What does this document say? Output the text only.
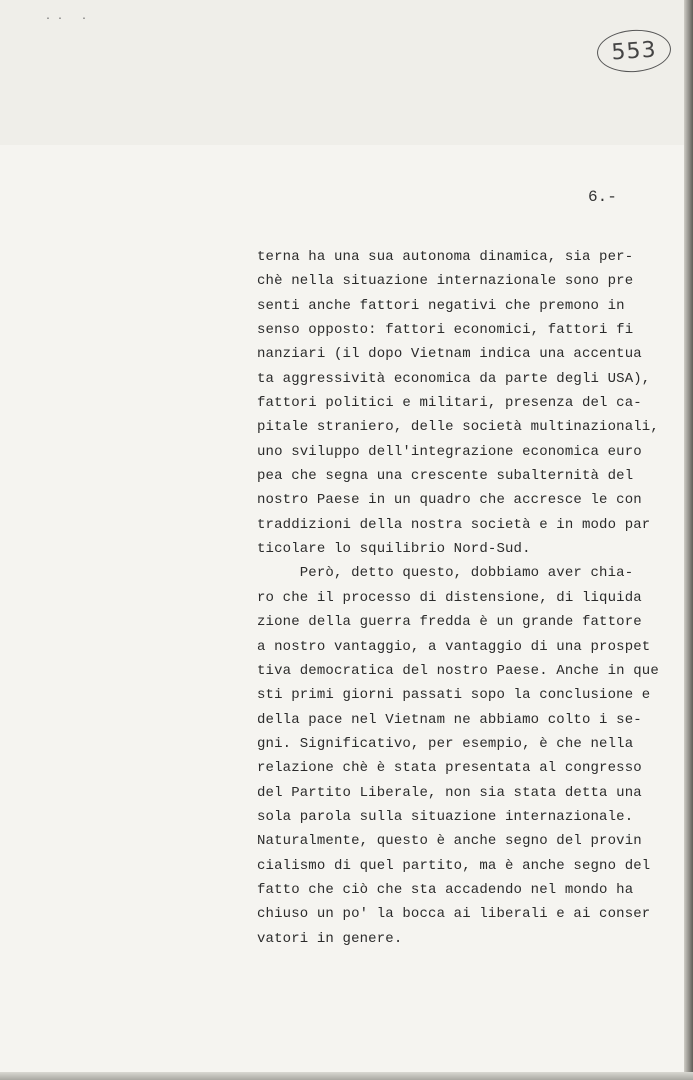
· ·   ·
553
6.-
terna ha una sua autonoma dinamica, sia per-
chè nella situazione internazionale sono pre
senti anche fattori negativi che premono in
senso opposto: fattori economici, fattori fi
nanziari (il dopo Vietnam indica una accentua
ta aggressività economica da parte degli USA),
fattori politici e militari, presenza del ca-
pitale straniero, delle società multinazionali,
uno sviluppo dell'integrazione economica euro
pea che segna una crescente subalternità del
nostro Paese in un quadro che accresce le con
traddizioni della nostra società e in modo par
ticolare lo squilibrio Nord-Sud.
Però, detto questo, dobbiamo aver chia-
ro che il processo di distensione, di liquida
zione della guerra fredda è un grande fattore
a nostro vantaggio, a vantaggio di una prospet
tiva democratica del nostro Paese. Anche in que
sti primi giorni passati sopo la conclusione e
della pace nel Vietnam ne abbiamo colto i se-
gni. Significativo, per esempio, è che nella
relazione chè è stata presentata al congresso
del Partito Liberale, non sia stata detta una
sola parola sulla situazione internazionale.
Naturalmente, questo è anche segno del provin
cialismo di quel partito, ma è anche segno del
fatto che ciò che sta accadendo nel mondo ha
chiuso un po' la bocca ai liberali e ai conser
vatori in genere.
